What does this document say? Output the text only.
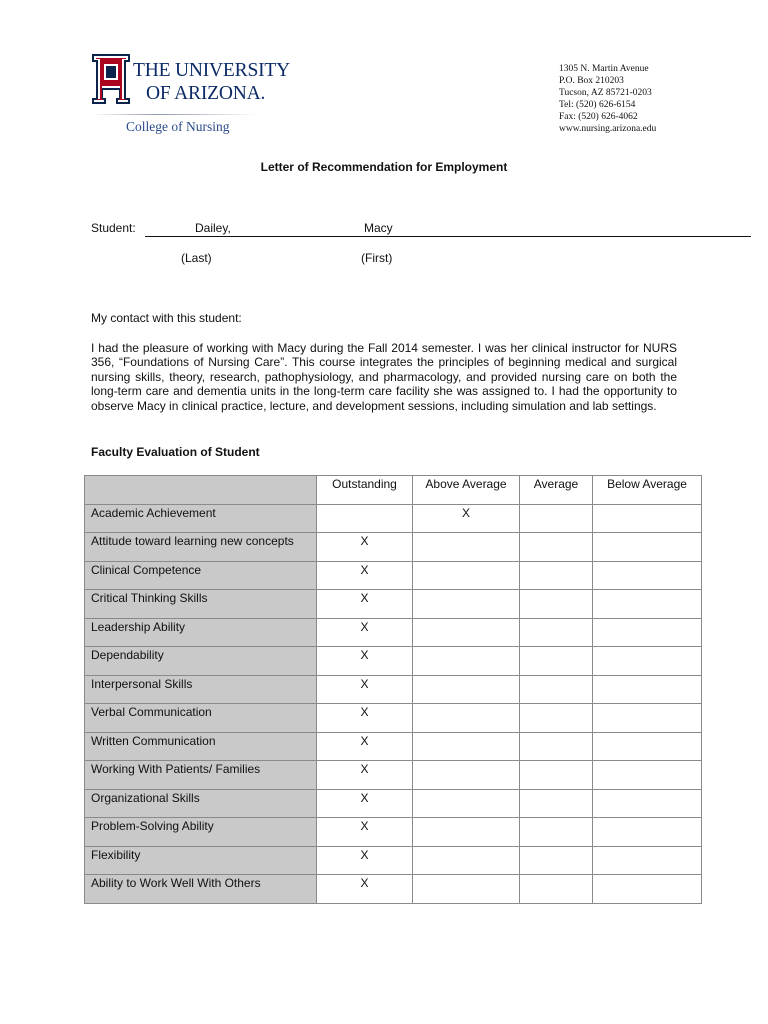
THE UNIVERSITY
OF ARIZONA.
College of Nursing
1305 N. Martin Avenue
P.O. Box 210203
Tucson, AZ 85721-0203
Tel: (520) 626-6154
Fax: (520) 626-4062
www.nursing.arizona.edu
Letter of Recommendation for Employment
Student:	Dailey,	Macy
(Last)	(First)
My contact with this student:

I had the pleasure of working with Macy during the Fall 2014 semester. I was her clinical instructor for NURS 356, “Foundations of Nursing Care”. This course integrates the principles of beginning medical and surgical nursing skills, theory, research, pathophysiology, and pharmacology, and provided nursing care on both the long-term care and dementia units in the long-term care facility she was assigned to. I had the opportunity to observe Macy in clinical practice, lecture, and development sessions, including simulation and lab settings.

Faculty Evaluation of Student
	Outstanding	Above Average	Average	Below Average
Academic Achievement		X		
Attitude toward learning new concepts	X			
Clinical Competence	X			
Critical Thinking Skills	X			
Leadership Ability	X			
Dependability	X			
Interpersonal Skills	X			
Verbal Communication	X			
Written Communication	X			
Working With Patients/ Families	X			
Organizational Skills	X			
Problem-Solving Ability	X			
Flexibility	X			
Ability to Work Well With Others	X			
